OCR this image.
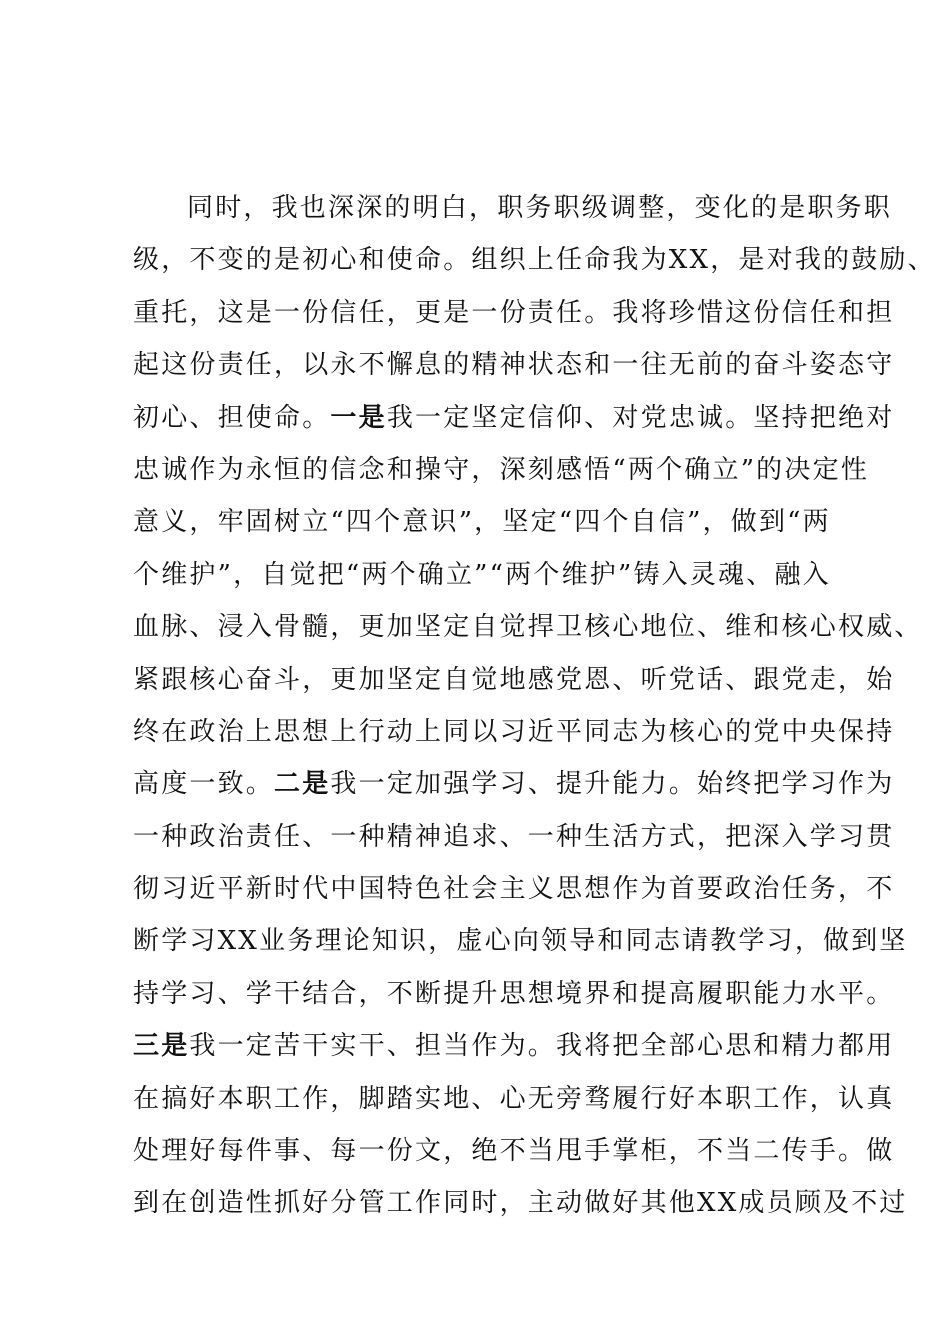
同时，我也深深的明白，职务职级调整，变化的是职务职
级，不变的是初心和使命。组织上任命我为XX，是对我的鼓励、
重托，这是一份信任，更是一份责任。我将珍惜这份信任和担
起这份责任，以永不懈息的精神状态和一往无前的奋斗姿态守
初心、担使命。一是我一定坚定信仰、对党忠诚。坚持把绝对
忠诚作为永恒的信念和操守，深刻感悟“两个确立”的决定性
意义，牢固树立“四个意识”，坚定“四个自信”，做到“两
个维护”，自觉把“两个确立”“两个维护”铸入灵魂、融入
血脉、浸入骨髓，更加坚定自觉捍卫核心地位、维和核心权威、
紧跟核心奋斗，更加坚定自觉地感党恩、听党话、跟党走，始
终在政治上思想上行动上同以习近平同志为核心的党中央保持
高度一致。二是我一定加强学习、提升能力。始终把学习作为
一种政治责任、一种精神追求、一种生活方式，把深入学习贯
彻习近平新时代中国特色社会主义思想作为首要政治任务，不
断学习XX业务理论知识，虚心向领导和同志请教学习，做到坚
持学习、学干结合，不断提升思想境界和提高履职能力水平。
三是我一定苦干实干、担当作为。我将把全部心思和精力都用
在搞好本职工作，脚踏实地、心无旁骛履行好本职工作，认真
处理好每件事、每一份文，绝不当甩手掌柜，不当二传手。做
到在创造性抓好分管工作同时，主动做好其他XX成员顾及不过
